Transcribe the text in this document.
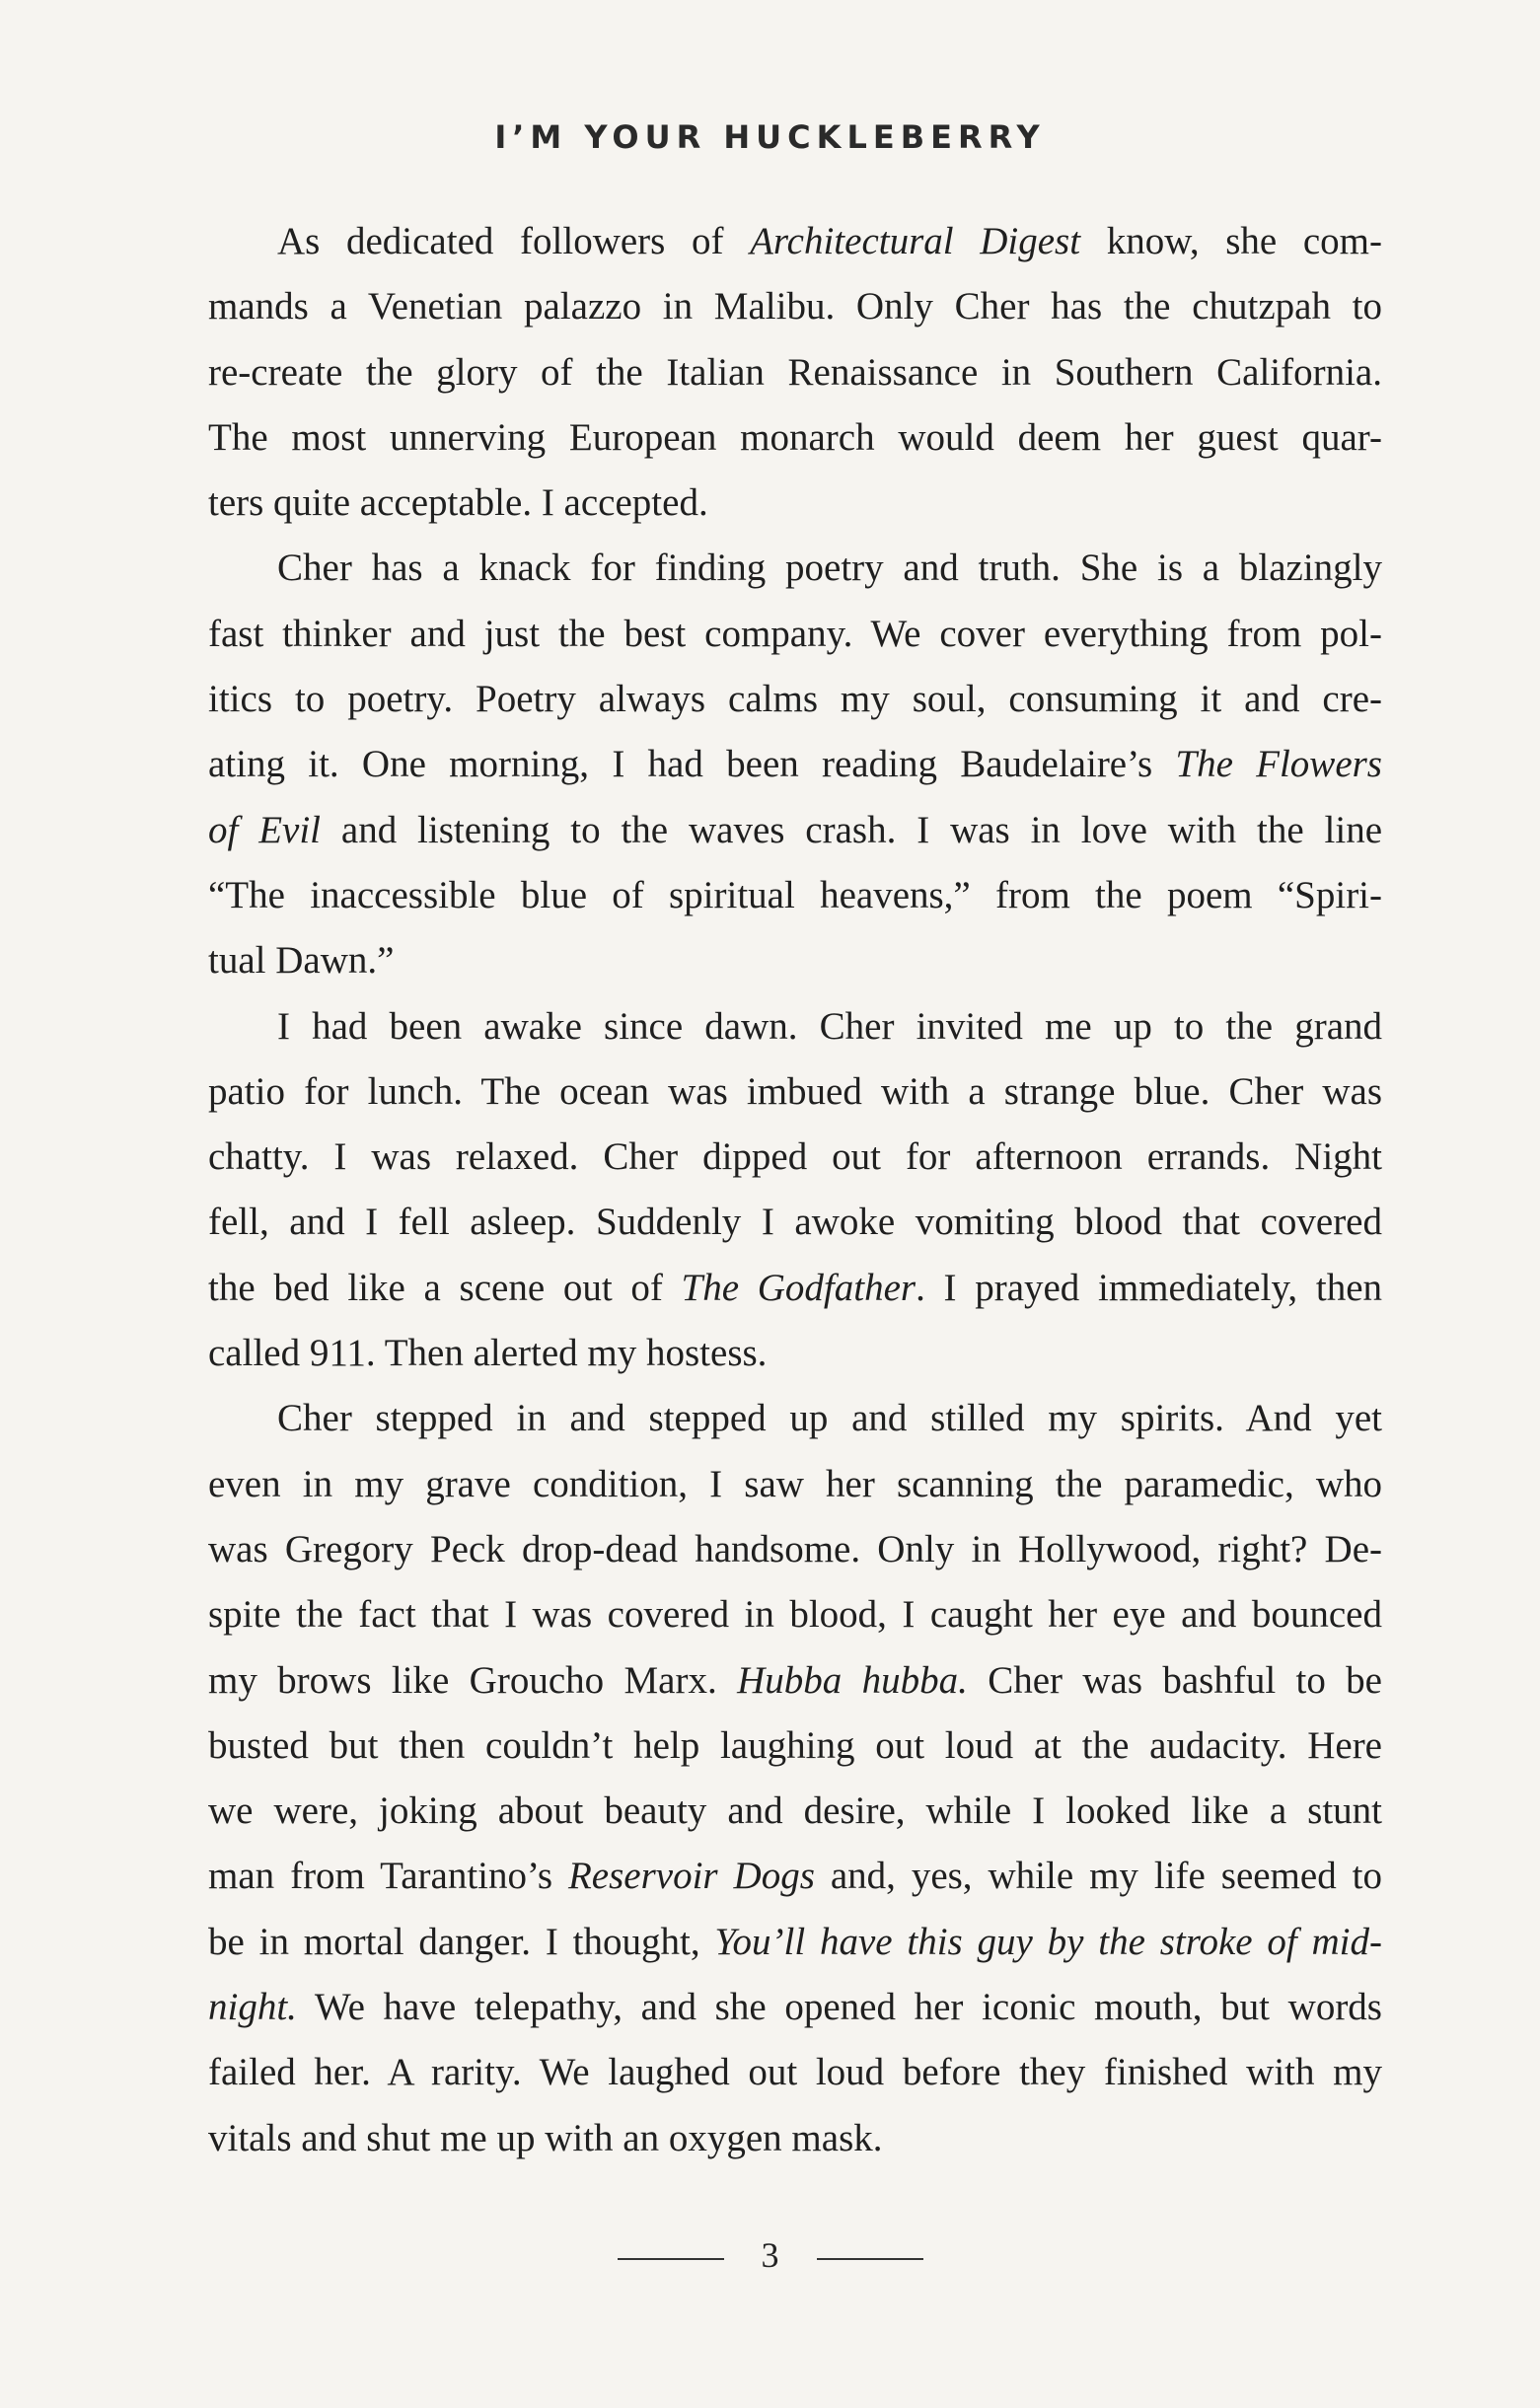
I’M YOUR HUCKLEBERRY
As dedicated followers of Architectural Digest know, she com-
mands a Venetian palazzo in Malibu. Only Cher has the chutzpah to
re-create the glory of the Italian Renaissance in Southern California.
The most unnerving European monarch would deem her guest quar-
ters quite acceptable. I accepted.
Cher has a knack for finding poetry and truth. She is a blazingly
fast thinker and just the best company. We cover everything from pol-
itics to poetry. Poetry always calms my soul, consuming it and cre-
ating it. One morning, I had been reading Baudelaire’s The Flowers
of Evil and listening to the waves crash. I was in love with the line
“The inaccessible blue of spiritual heavens,” from the poem “Spiri-
tual Dawn.”
I had been awake since dawn. Cher invited me up to the grand
patio for lunch. The ocean was imbued with a strange blue. Cher was
chatty. I was relaxed. Cher dipped out for afternoon errands. Night
fell, and I fell asleep. Suddenly I awoke vomiting blood that covered
the bed like a scene out of The Godfather. I prayed immediately, then
called 911. Then alerted my hostess.
Cher stepped in and stepped up and stilled my spirits. And yet
even in my grave condition, I saw her scanning the paramedic, who
was Gregory Peck drop-dead handsome. Only in Hollywood, right? De-
spite the fact that I was covered in blood, I caught her eye and bounced
my brows like Groucho Marx. Hubba hubba. Cher was bashful to be
busted but then couldn’t help laughing out loud at the audacity. Here
we were, joking about beauty and desire, while I looked like a stunt
man from Tarantino’s Reservoir Dogs and, yes, while my life seemed to
be in mortal danger. I thought, You’ll have this guy by the stroke of mid-
night. We have telepathy, and she opened her iconic mouth, but words
failed her. A rarity. We laughed out loud before they finished with my
vitals and shut me up with an oxygen mask.
3
